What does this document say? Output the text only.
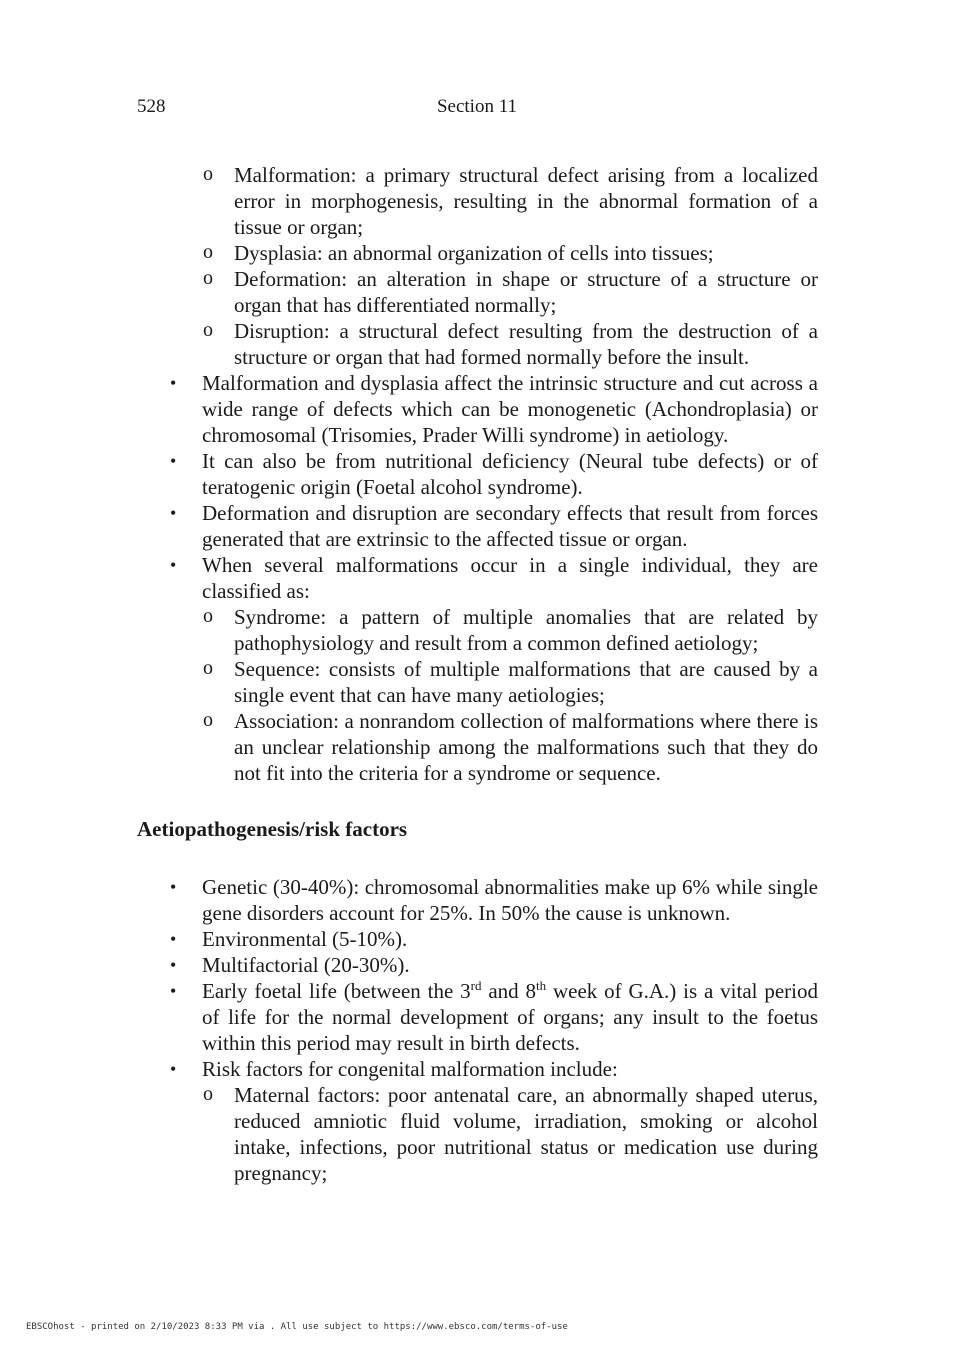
528	Section 11
o Malformation: a primary structural defect arising from a localized error in morphogenesis, resulting in the abnormal formation of a tissue or organ;
o Dysplasia: an abnormal organization of cells into tissues;
o Deformation: an alteration in shape or structure of a structure or organ that has differentiated normally;
o Disruption: a structural defect resulting from the destruction of a structure or organ that had formed normally before the insult.
• Malformation and dysplasia affect the intrinsic structure and cut across a wide range of defects which can be monogenetic (Achondroplasia) or chromosomal (Trisomies, Prader Willi syndrome) in aetiology.
• It can also be from nutritional deficiency (Neural tube defects) or of teratogenic origin (Foetal alcohol syndrome).
• Deformation and disruption are secondary effects that result from forces generated that are extrinsic to the affected tissue or organ.
• When several malformations occur in a single individual, they are classified as:
o Syndrome: a pattern of multiple anomalies that are related by pathophysiology and result from a common defined aetiology;
o Sequence: consists of multiple malformations that are caused by a single event that can have many aetiologies;
o Association: a nonrandom collection of malformations where there is an unclear relationship among the malformations such that they do not fit into the criteria for a syndrome or sequence.
Aetiopathogenesis/risk factors
• Genetic (30-40%): chromosomal abnormalities make up 6% while single gene disorders account for 25%. In 50% the cause is unknown.
• Environmental (5-10%).
• Multifactorial (20-30%).
• Early foetal life (between the 3rd and 8th week of G.A.) is a vital period of life for the normal development of organs; any insult to the foetus within this period may result in birth defects.
• Risk factors for congenital malformation include:
o Maternal factors: poor antenatal care, an abnormally shaped uterus, reduced amniotic fluid volume, irradiation, smoking or alcohol intake, infections, poor nutritional status or medication use during pregnancy;
EBSCOhost - printed on 2/10/2023 8:33 PM via . All use subject to https://www.ebsco.com/terms-of-use
